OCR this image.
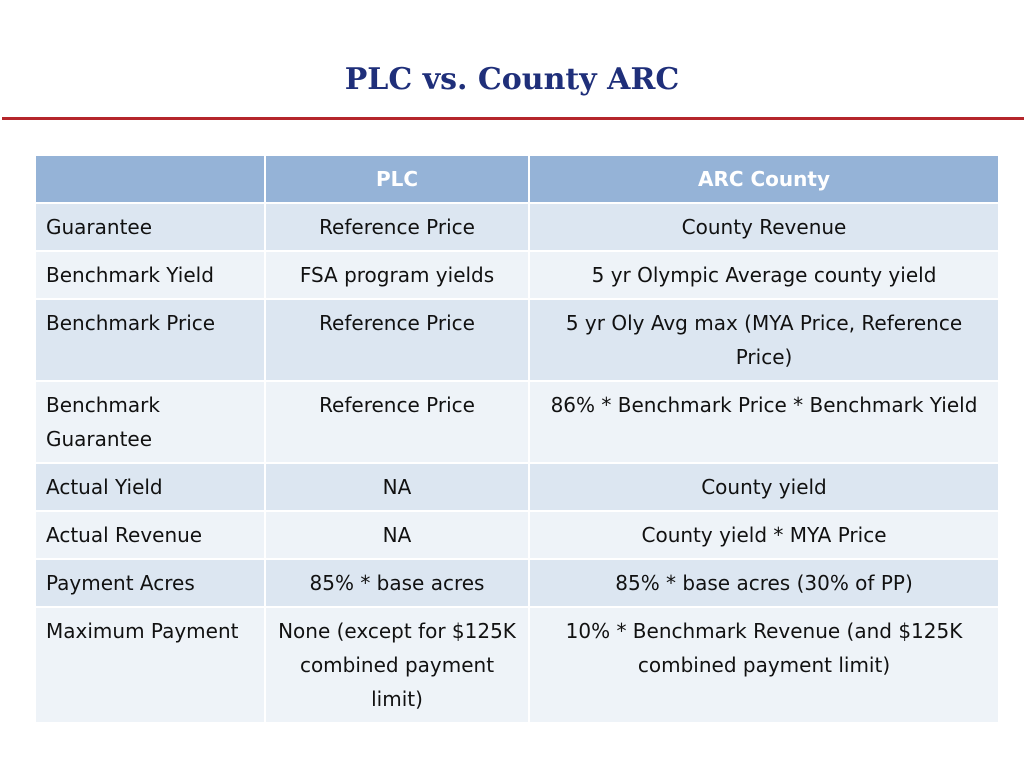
PLC vs. County ARC
	PLC	ARC County
Guarantee	Reference Price	County Revenue
Benchmark Yield	FSA program yields	5 yr Olympic Average county yield
Benchmark Price	Reference Price	5 yr Oly Avg max (MYA Price, Reference Price)
Benchmark Guarantee	Reference Price	86% * Benchmark Price * Benchmark Yield
Actual Yield	NA	County yield
Actual Revenue	NA	County yield * MYA Price
Payment Acres	85% * base acres	85% * base acres (30% of PP)
Maximum Payment	None (except for $125K combined payment limit)	10% * Benchmark Revenue (and $125K combined payment limit)
